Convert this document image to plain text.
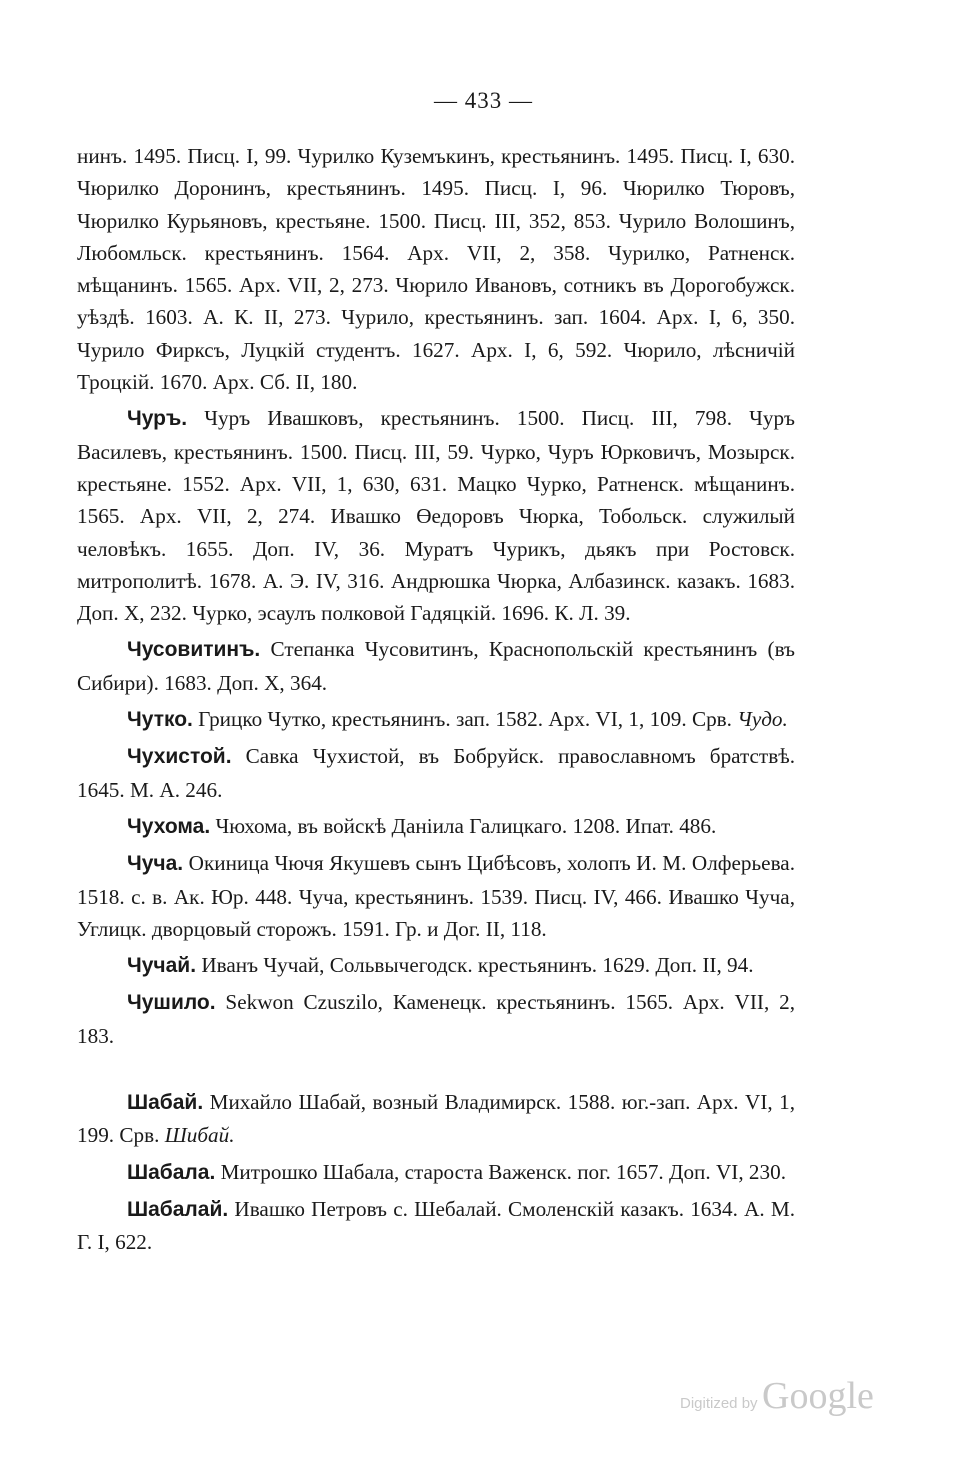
— 433 —

нинъ. 1495. Писц. I, 99. Чурилко Куземъкинъ, крестьянинъ. 1495. Писц. I, 630. Чюрилко Доронинъ, крестьянинъ. 1495. Писц. I, 96. Чюрилко Тюровъ, Чюрилко Курьяновъ, крестьяне. 1500. Писц. III, 352, 853. Чурило Волошинъ, Любомльск. крестьянинъ. 1564. Арх. VII, 2, 358. Чурилко, Ратненск. мѣщанинъ. 1565. Арх. VII, 2, 273. Чюрило Ивановъ, сотникъ въ Дорогобужск. уѣздѣ. 1603. А. К. II, 273. Чурило, крестьянинъ. зап. 1604. Арх. I, 6, 350. Чурило Фирксъ, Луцкій студентъ. 1627. Арх. I, 6, 592. Чюрило, лѣсничій Троцкій. 1670. Арх. Сб. II, 180.

Чуръ. Чуръ Ивашковъ, крестьянинъ. 1500. Писц. III, 798. Чуръ Василевъ, крестьянинъ. 1500. Писц. III, 59. Чурко, Чуръ Юрковичъ, Мозырск. крестьяне. 1552. Арх. VII, 1, 630, 631. Мацко Чурко, Ратненск. мѣщанинъ. 1565. Арх. VII, 2, 274. Ивашко Өедоровъ Чюрка, Тобольск. служилый человѣкъ. 1655. Доп. IV, 36. Муратъ Чурикъ, дьякъ при Ростовск. митрополитѣ. 1678. А. Э. IV, 316. Андрюшка Чюрка, Албазинск. казакъ. 1683. Доп. X, 232. Чурко, эсаулъ полковой Гадяцкій. 1696. К. Л. 39.

Чусовитинъ. Степанка Чусовитинъ, Краснопольскій крестьянинъ (въ Сибири). 1683. Доп. X, 364.

Чутко. Грицко Чутко, крестьянинъ. зап. 1582. Арх. VI, 1, 109. Срв. Чудо.

Чухистой. Савка Чухистой, въ Бобруйск. православномъ братствѣ. 1645. М. А. 246.

Чухома. Чюхома, въ войскѣ Даніила Галицкаго. 1208. Ипат. 486.

Чуча. Окиница Чючя Якушевъ сынъ Цибѣсовъ, холопъ И. М. Олферьева. 1518. с. в. Ак. Юр. 448. Чуча, крестьянинъ. 1539. Писц. IV, 466. Ивашко Чуча, Углицк. дворцовый сторожъ. 1591. Гр. и Дог. II, 118.

Чучай. Иванъ Чучай, Сольвычегодск. крестьянинъ. 1629. Доп. II, 94.

Чушило. Sekwon Czuszilo, Каменецк. крестьянинъ. 1565. Арх. VII, 2, 183.

Шабай. Михайло Шабай, возный Владимирск. 1588. юг.-зап. Арх. VI, 1, 199. Срв. Шибай.

Шабала. Митрошко Шабала, староста Важенск. пог. 1657. Доп. VI, 230.

Шабалай. Ивашко Петровъ с. Шебалай. Смоленскій казакъ. 1634. А. М. Г. I, 622.

Digitized by Google
